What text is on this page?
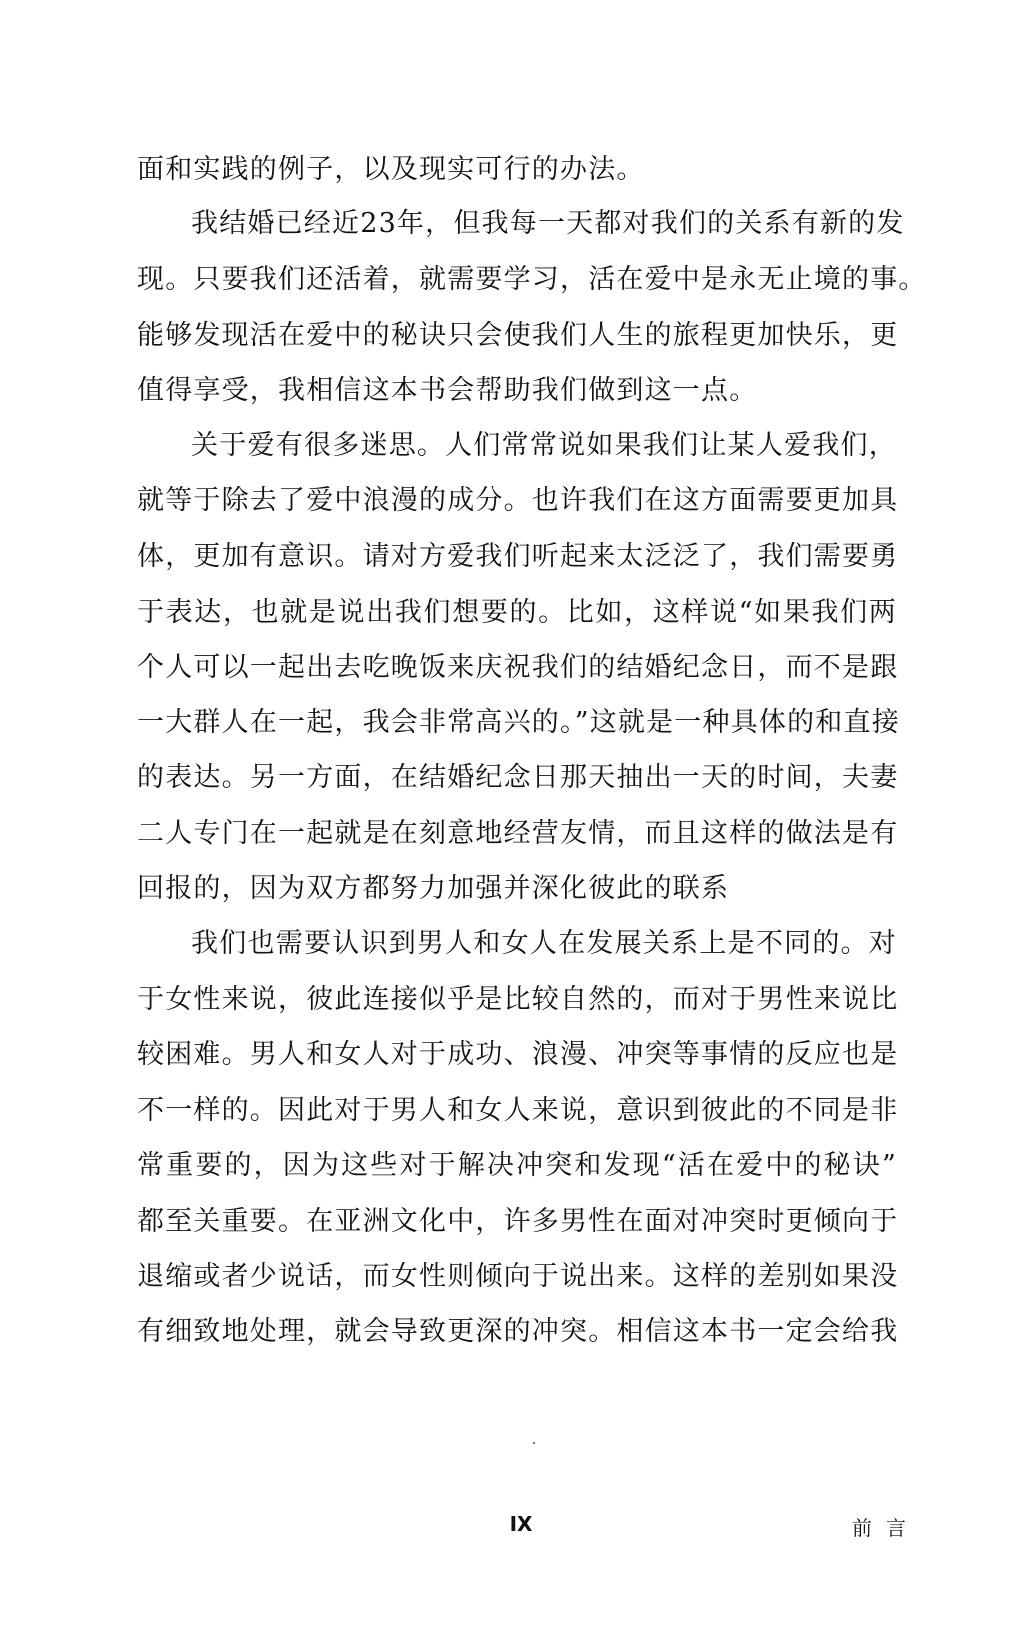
面和实践的例子，以及现实可行的办法。
我结婚已经近23年，但我每一天都对我们的关系有新的发
现。只要我们还活着，就需要学习，活在爱中是永无止境的事。
能够发现活在爱中的秘诀只会使我们人生的旅程更加快乐，更
值得享受，我相信这本书会帮助我们做到这一点。
关于爱有很多迷思。人们常常说如果我们让某人爱我们，
就等于除去了爱中浪漫的成分。也许我们在这方面需要更加具
体，更加有意识。请对方爱我们听起来太泛泛了，我们需要勇
于表达，也就是说出我们想要的。比如，这样说“如果我们两
个人可以一起出去吃晚饭来庆祝我们的结婚纪念日，而不是跟
一大群人在一起，我会非常高兴的。”这就是一种具体的和直接
的表达。另一方面，在结婚纪念日那天抽出一天的时间，夫妻
二人专门在一起就是在刻意地经营友情，而且这样的做法是有
回报的，因为双方都努力加强并深化彼此的联系
我们也需要认识到男人和女人在发展关系上是不同的。对
于女性来说，彼此连接似乎是比较自然的，而对于男性来说比
较困难。男人和女人对于成功、浪漫、冲突等事情的反应也是
不一样的。因此对于男人和女人来说，意识到彼此的不同是非
常重要的，因为这些对于解决冲突和发现“活在爱中的秘诀”
都至关重要。在亚洲文化中，许多男性在面对冲突时更倾向于
退缩或者少说话，而女性则倾向于说出来。这样的差别如果没
有细致地处理，就会导致更深的冲突。相信这本书一定会给我
IX	前言
